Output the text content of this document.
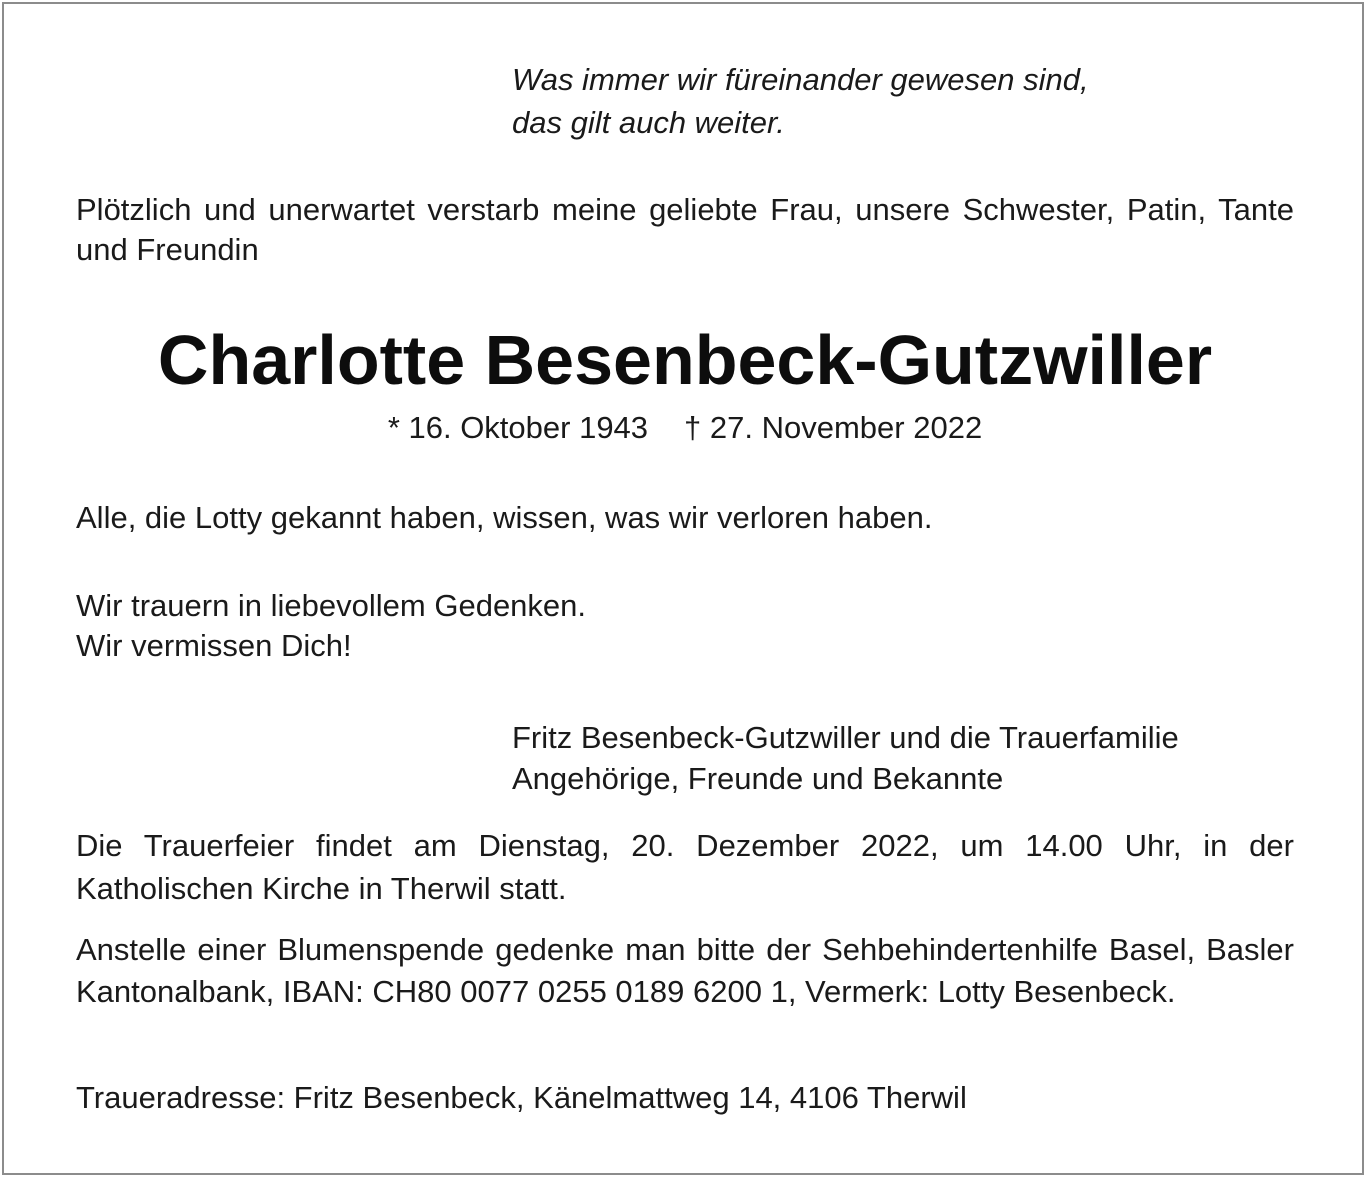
Was immer wir füreinander gewesen sind,
das gilt auch weiter.
Plötzlich und unerwartet verstarb meine geliebte Frau, unsere Schwester, Patin, Tante und Freundin
Charlotte Besenbeck-Gutzwiller
* 16. Oktober 1943 † 27. November 2022
Alle, die Lotty gekannt haben, wissen, was wir verloren haben.
Wir trauern in liebevollem Gedenken.
Wir vermissen Dich!
Fritz Besenbeck-Gutzwiller und die Trauerfamilie
Angehörige, Freunde und Bekannte
Die Trauerfeier findet am Dienstag, 20. Dezember 2022, um 14.00 Uhr, in der Katholischen Kirche in Therwil statt.
Anstelle einer Blumenspende gedenke man bitte der Sehbehindertenhilfe Basel, Basler Kantonalbank, IBAN: CH80 0077 0255 0189 6200 1, Vermerk: Lotty Besenbeck.
Traueradresse: Fritz Besenbeck, Känelmattweg 14, 4106 Therwil
